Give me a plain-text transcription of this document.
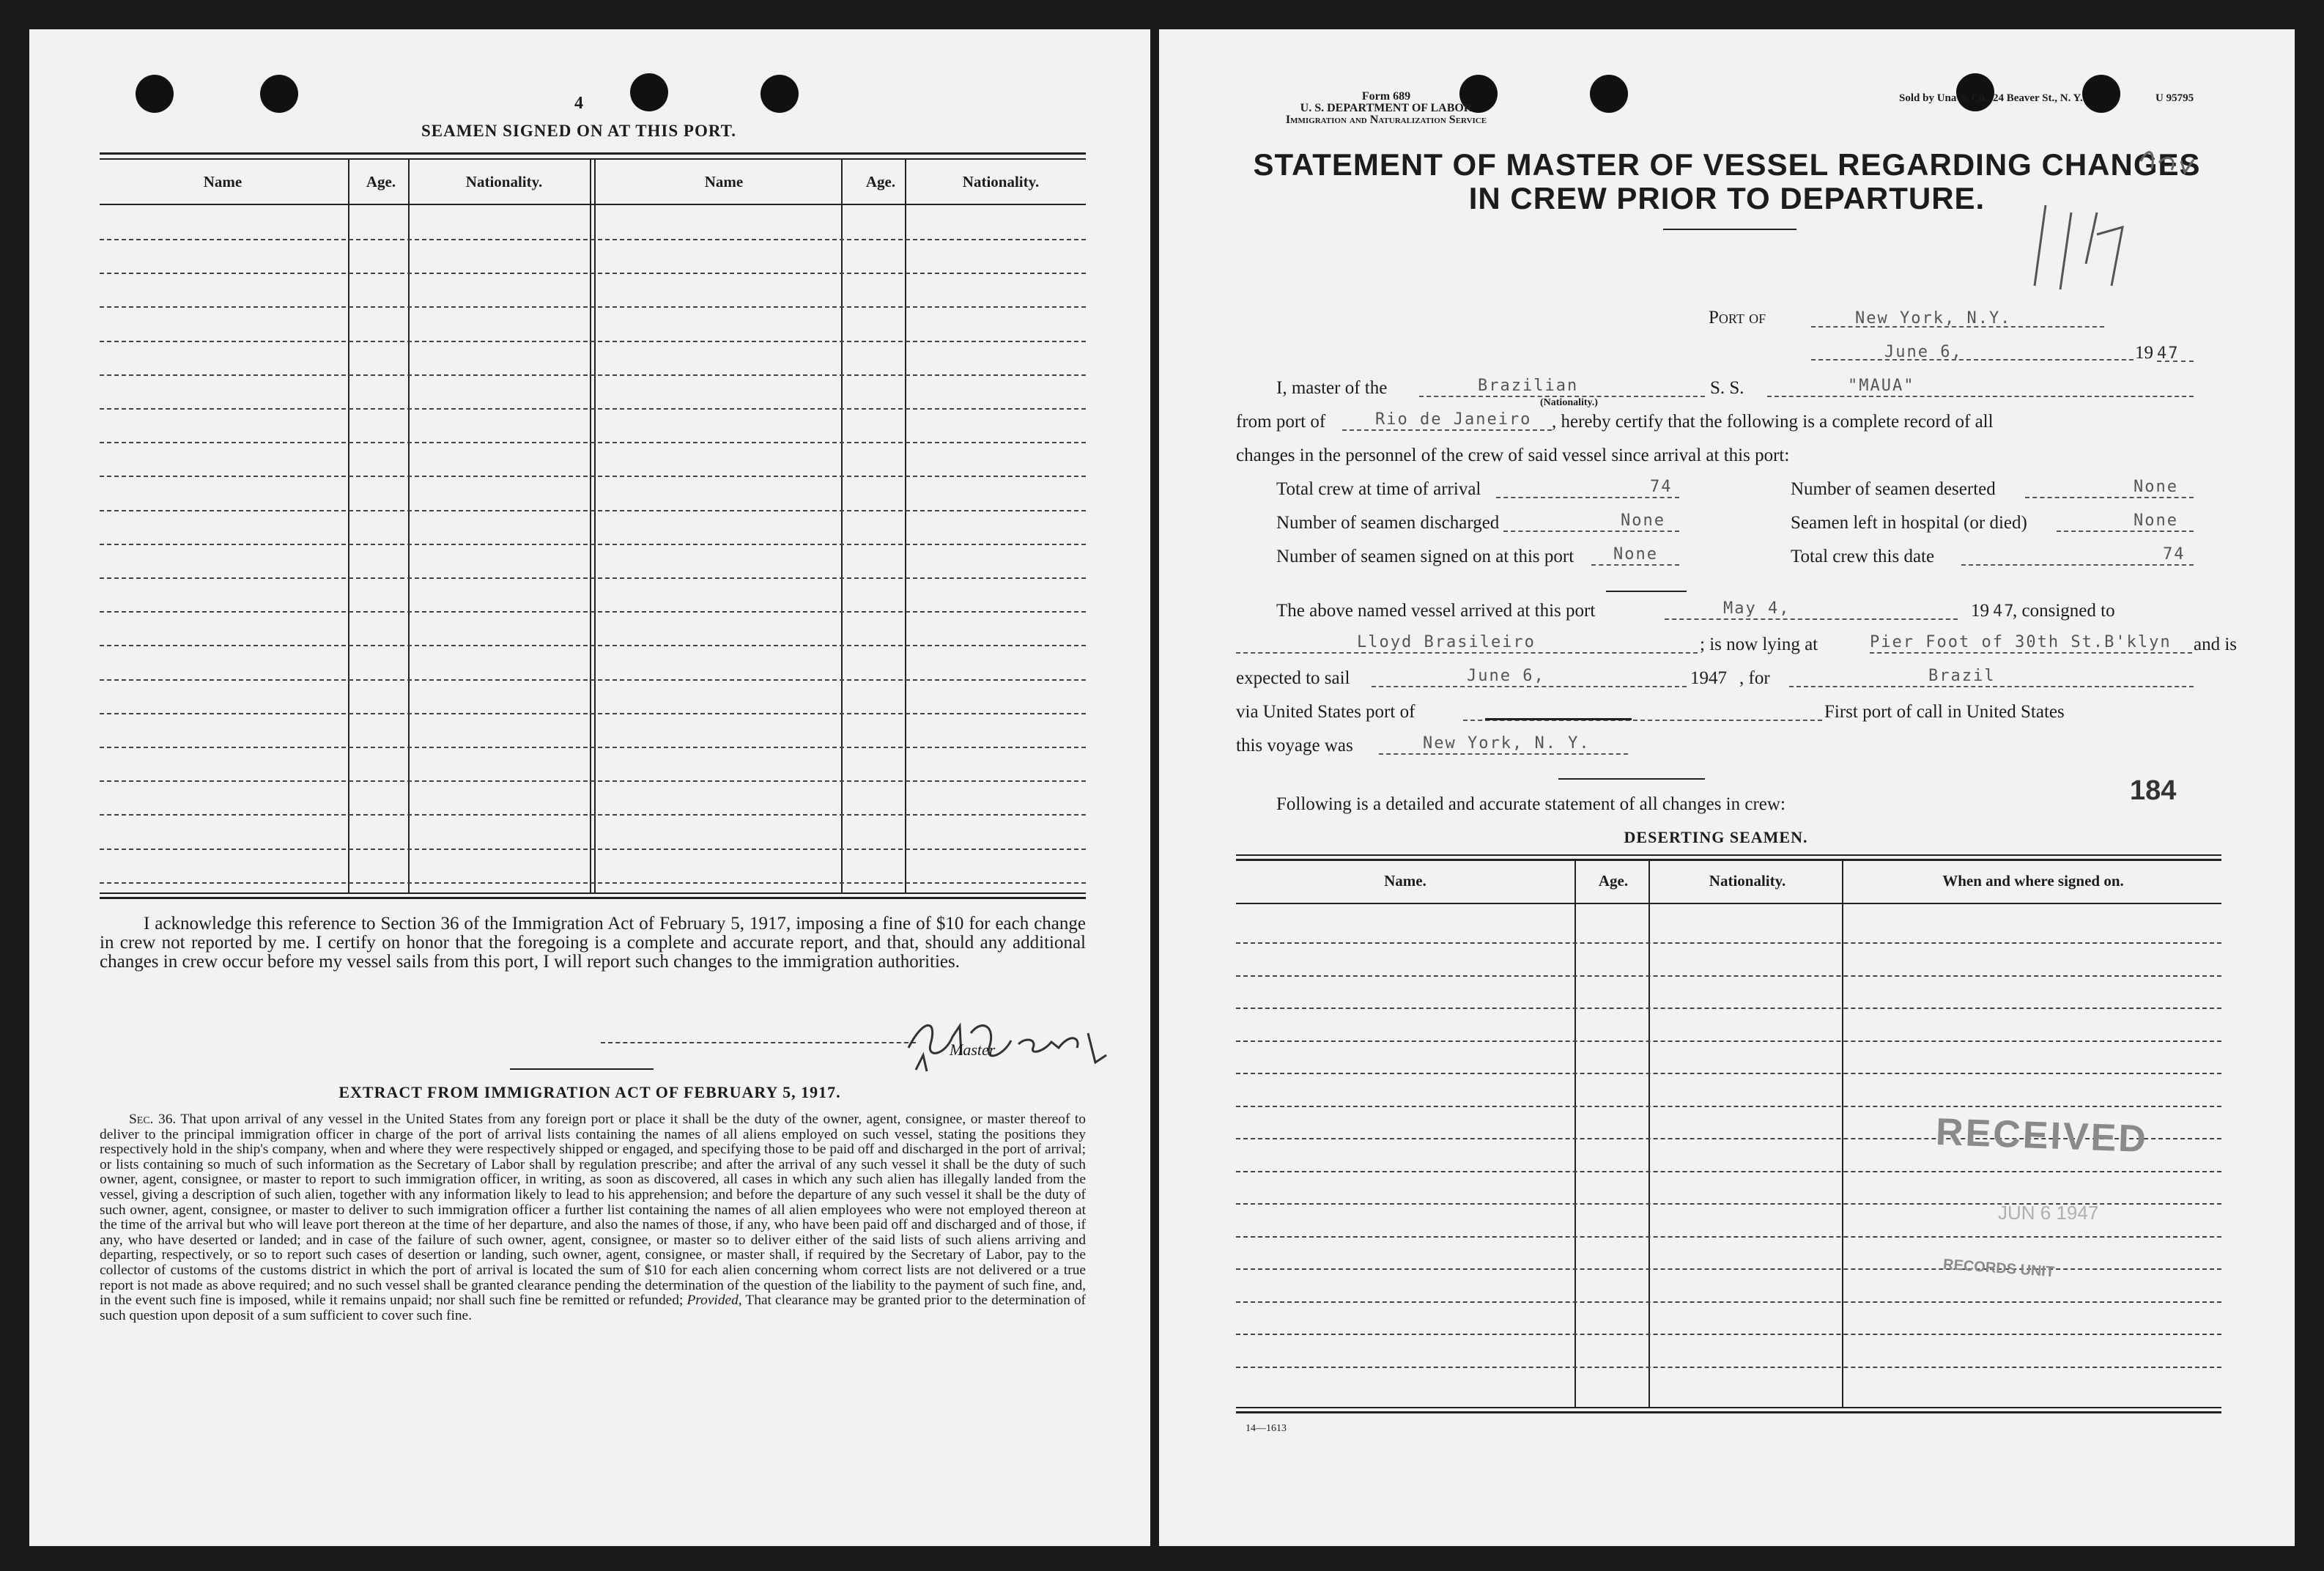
4
SEAMEN SIGNED ON AT THIS PORT.
Name	Age.	Nationality.	Name	Age.	Nationality.
I acknowledge this reference to Section 36 of the Immigration Act of February 5, 1917, imposing a fine of $10 for each change in crew not reported by me. I certify on honor that the foregoing is a complete and accurate report, and that, should any additional changes in crew occur before my vessel sails from this port, I will report such changes to the immigration authorities.
Master
EXTRACT FROM IMMIGRATION ACT OF FEBRUARY 5, 1917.
Sec. 36. That upon arrival of any vessel in the United States from any foreign port or place it shall be the duty of the owner, agent, consignee, or master thereof to deliver to the principal immigration officer in charge of the port of arrival lists containing the names of all aliens employed on such vessel, stating the positions they respectively hold in the ship's company, when and where they were respectively shipped or engaged, and specifying those to be paid off and discharged in the port of arrival; or lists containing so much of such information as the Secretary of Labor shall by regulation prescribe; and after the arrival of any such vessel it shall be the duty of such owner, agent, consignee, or master to report to such immigration officer, in writing, as soon as discovered, all cases in which any such alien has illegally landed from the vessel, giving a description of such alien, together with any information likely to lead to his apprehension; and before the departure of any such vessel it shall be the duty of such owner, agent, consignee, or master to deliver to such immigration officer a further list containing the names of all alien employees who were not employed thereon at the time of the arrival but who will leave port thereon at the time of her departure, and also the names of those, if any, who have been paid off and discharged and of those, if any, who have deserted or landed; and in case of the failure of such owner, agent, consignee, or master so to deliver either of the said lists of such aliens arriving and departing, respectively, or so to report such cases of desertion or landing, such owner, agent, consignee, or master shall, if required by the Secretary of Labor, pay to the collector of customs of the customs district in which the port of arrival is located the sum of $10 for each alien concerning whom correct lists are not delivered or a true report is not made as above required; and no such vessel shall be granted clearance pending the determination of the question of the liability to the payment of such fine, and, in the event such fine is imposed, while it remains unpaid; nor shall such fine be remitted or refunded; Provided, That clearance may be granted prior to the determination of such question upon deposit of a sum sufficient to cover such fine.
Form 689
U. S. DEPARTMENT OF LABOR
Immigration and Naturalization Service
Sold by Una & Co., 24 Beaver St., N. Y.	U 95795
STATEMENT OF MASTER OF VESSEL REGARDING CHANGES
IN CREW PRIOR TO DEPARTURE.
Port of	New York, N.Y.
June 6,	19 47
I, master of the	Brazilian
(Nationality.)
S. S.	"MAUA"
from port of	Rio de Janeiro , hereby certify that the following is a complete record of all
changes in the personnel of the crew of said vessel since arrival at this port:
Total crew at time of arrival	74	Number of seamen deserted	None
Number of seamen discharged	None	Seamen left in hospital (or died)	None
Number of seamen signed on at this port None	Total crew this date	74
The above named vessel arrived at this port	May 4,	19 47
, consigned to
Lloyd Brasileiro	; is now lying at	Pier Foot of 30th St.B'klyn and is
expected to sail	June 6,	1947 , for	Brazil
via United States port of	First port of call in United States
this voyage was	New York, N. Y.
Following is a detailed and accurate statement of all changes in crew:	184
DESERTING SEAMEN.
Name.	Age.	Nationality.	When and where signed on.
RECEIVED
JUN 6 1947
RECORDS UNIT
14—1613
